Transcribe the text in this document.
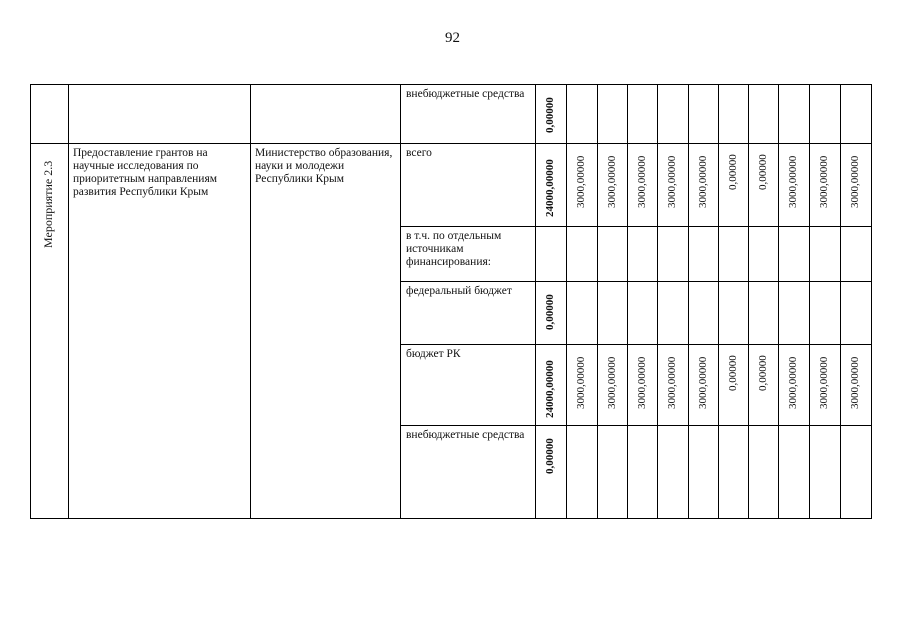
92
Мероприятие 2.3
Предоставление грантов на научные исследования по приоритетным направлениям развития Республики Крым
Министерство образования, науки и молодежи Республики Крым
внебюджетные средства
0,00000
всего
24000,00000 3000,00000 3000,00000 3000,00000 3000,00000 3000,00000 0,00000 0,00000 3000,00000 3000,00000 3000,00000
в т.ч. по отдельным источникам финансирования:
федеральный бюджет
0,00000
бюджет РК
24000,00000 3000,00000 3000,00000 3000,00000 3000,00000 3000,00000 0,00000 0,00000 3000,00000 3000,00000 3000,00000
внебюджетные средства
0,00000
